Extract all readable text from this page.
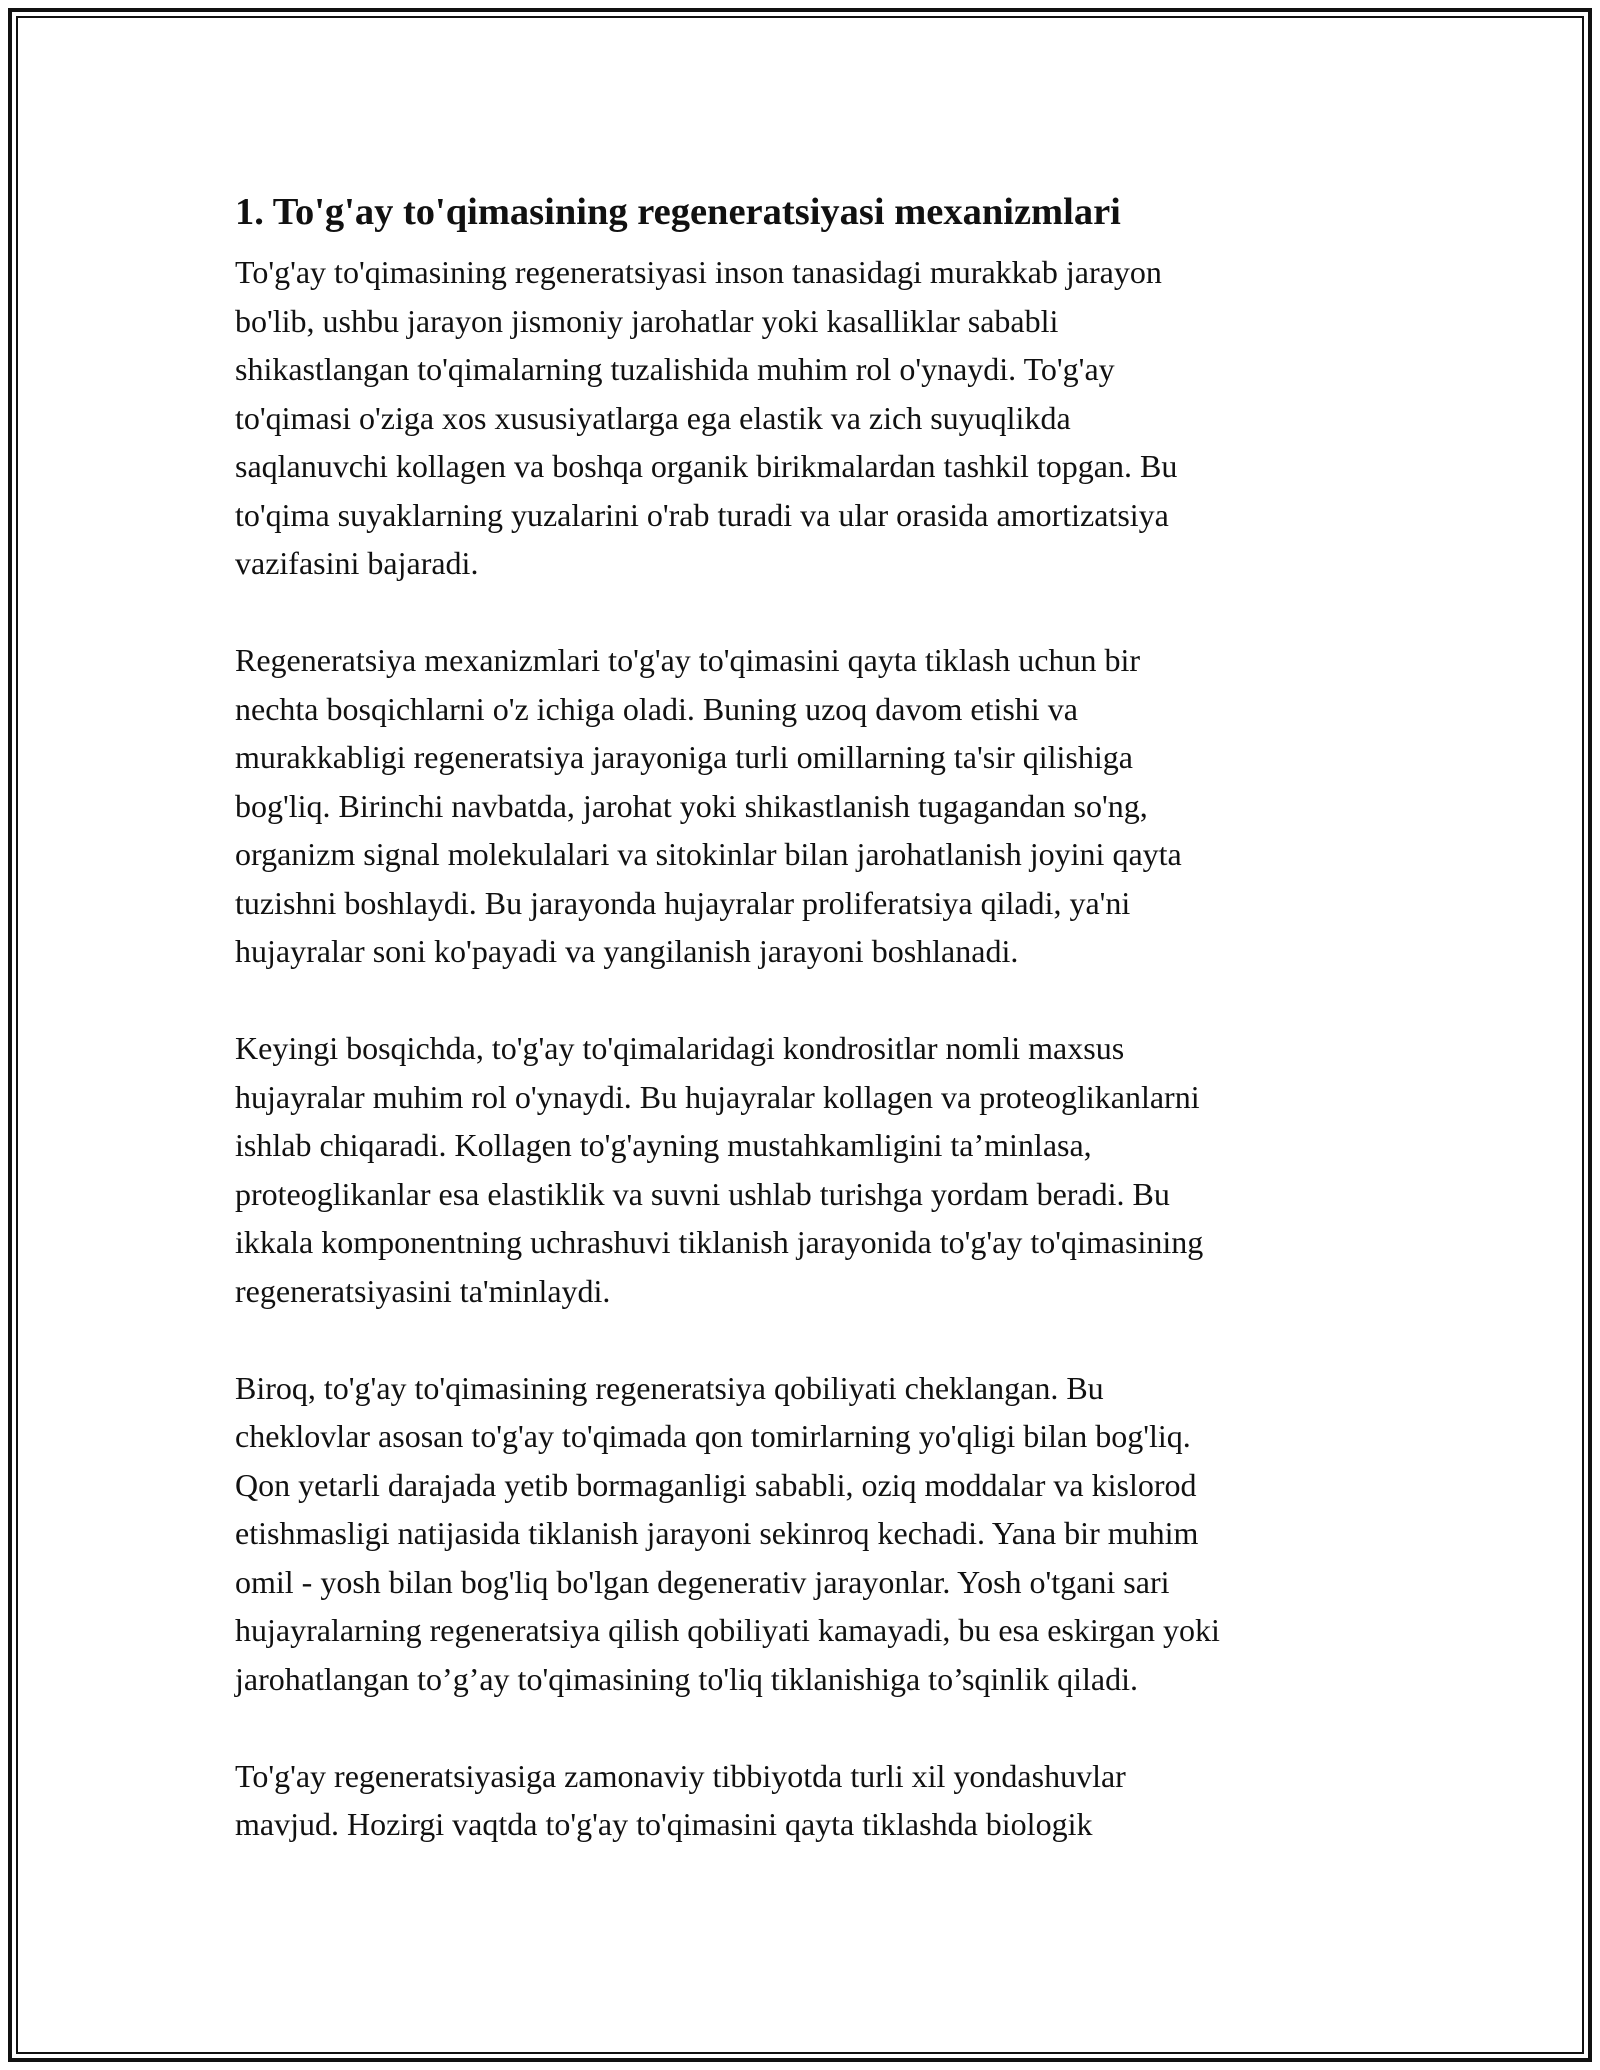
1. To'g'ay to'qimasining regeneratsiyasi mexanizmlari
To'g'ay to'qimasining regeneratsiyasi inson tanasidagi murakkab jarayon
bo'lib, ushbu jarayon jismoniy jarohatlar yoki kasalliklar sababli
shikastlangan to'qimalarning tuzalishida muhim rol o'ynaydi. To'g'ay
to'qimasi o'ziga xos xususiyatlarga ega elastik va zich suyuqlikda
saqlanuvchi kollagen va boshqa organik birikmalardan tashkil topgan. Bu
to'qima suyaklarning yuzalarini o'rab turadi va ular orasida amortizatsiya
vazifasini bajaradi.
Regeneratsiya mexanizmlari to'g'ay to'qimasini qayta tiklash uchun bir
nechta bosqichlarni o'z ichiga oladi. Buning uzoq davom etishi va
murakkabligi regeneratsiya jarayoniga turli omillarning ta'sir qilishiga
bog'liq. Birinchi navbatda, jarohat yoki shikastlanish tugagandan so'ng,
organizm signal molekulalari va sitokinlar bilan jarohatlanish joyini qayta
tuzishni boshlaydi. Bu jarayonda hujayralar proliferatsiya qiladi, ya'ni
hujayralar soni ko'payadi va yangilanish jarayoni boshlanadi.
Keyingi bosqichda, to'g'ay to'qimalaridagi kondrositlar nomli maxsus
hujayralar muhim rol o'ynaydi. Bu hujayralar kollagen va proteoglikanlarni
ishlab chiqaradi. Kollagen to'g'ayning mustahkamligini ta’minlasa,
proteoglikanlar esa elastiklik va suvni ushlab turishga yordam beradi. Bu
ikkala komponentning uchrashuvi tiklanish jarayonida to'g'ay to'qimasining
regeneratsiyasini ta'minlaydi.
Biroq, to'g'ay to'qimasining regeneratsiya qobiliyati cheklangan. Bu
cheklovlar asosan to'g'ay to'qimada qon tomirlarning yo'qligi bilan bog'liq.
Qon yetarli darajada yetib bormaganligi sababli, oziq moddalar va kislorod
etishmasligi natijasida tiklanish jarayoni sekinroq kechadi. Yana bir muhim
omil - yosh bilan bog'liq bo'lgan degenerativ jarayonlar. Yosh o'tgani sari
hujayralarning regeneratsiya qilish qobiliyati kamayadi, bu esa eskirgan yoki
jarohatlangan to’g’ay to'qimasining to'liq tiklanishiga to’sqinlik qiladi.
To'g'ay regeneratsiyasiga zamonaviy tibbiyotda turli xil yondashuvlar
mavjud. Hozirgi vaqtda to'g'ay to'qimasini qayta tiklashda biologik
